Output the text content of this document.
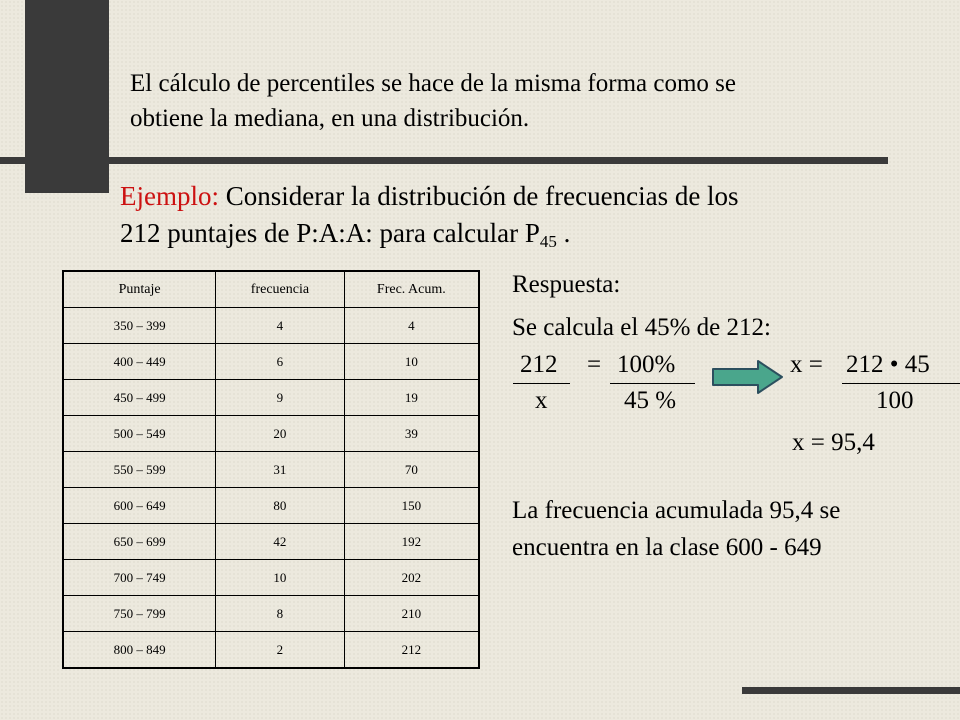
El cálculo de percentiles se hace de la misma forma como se
obtiene la mediana, en una distribución.

Ejemplo: Considerar la distribución de frecuencias de los
212 puntajes de P:A:A: para calcular $P_{45}$ .

Puntaje	frecuencia	Frec. Acum.
350 – 399	4	4
400 – 449	6	10
450 – 499	9	19
500 – 549	20	39
550 – 599	31	70
600 – 649	80	150
650 – 699	42	192
700 – 749	10	202
750 – 799	8	210
800 – 849	2	212
Respuesta:
Se calcula el 45% de 212:
212 = 100%
x	45 %
x = 212 • 45
100
x = 95,4
La frecuencia acumulada 95,4 se
encuentra en la clase 600 - 649
